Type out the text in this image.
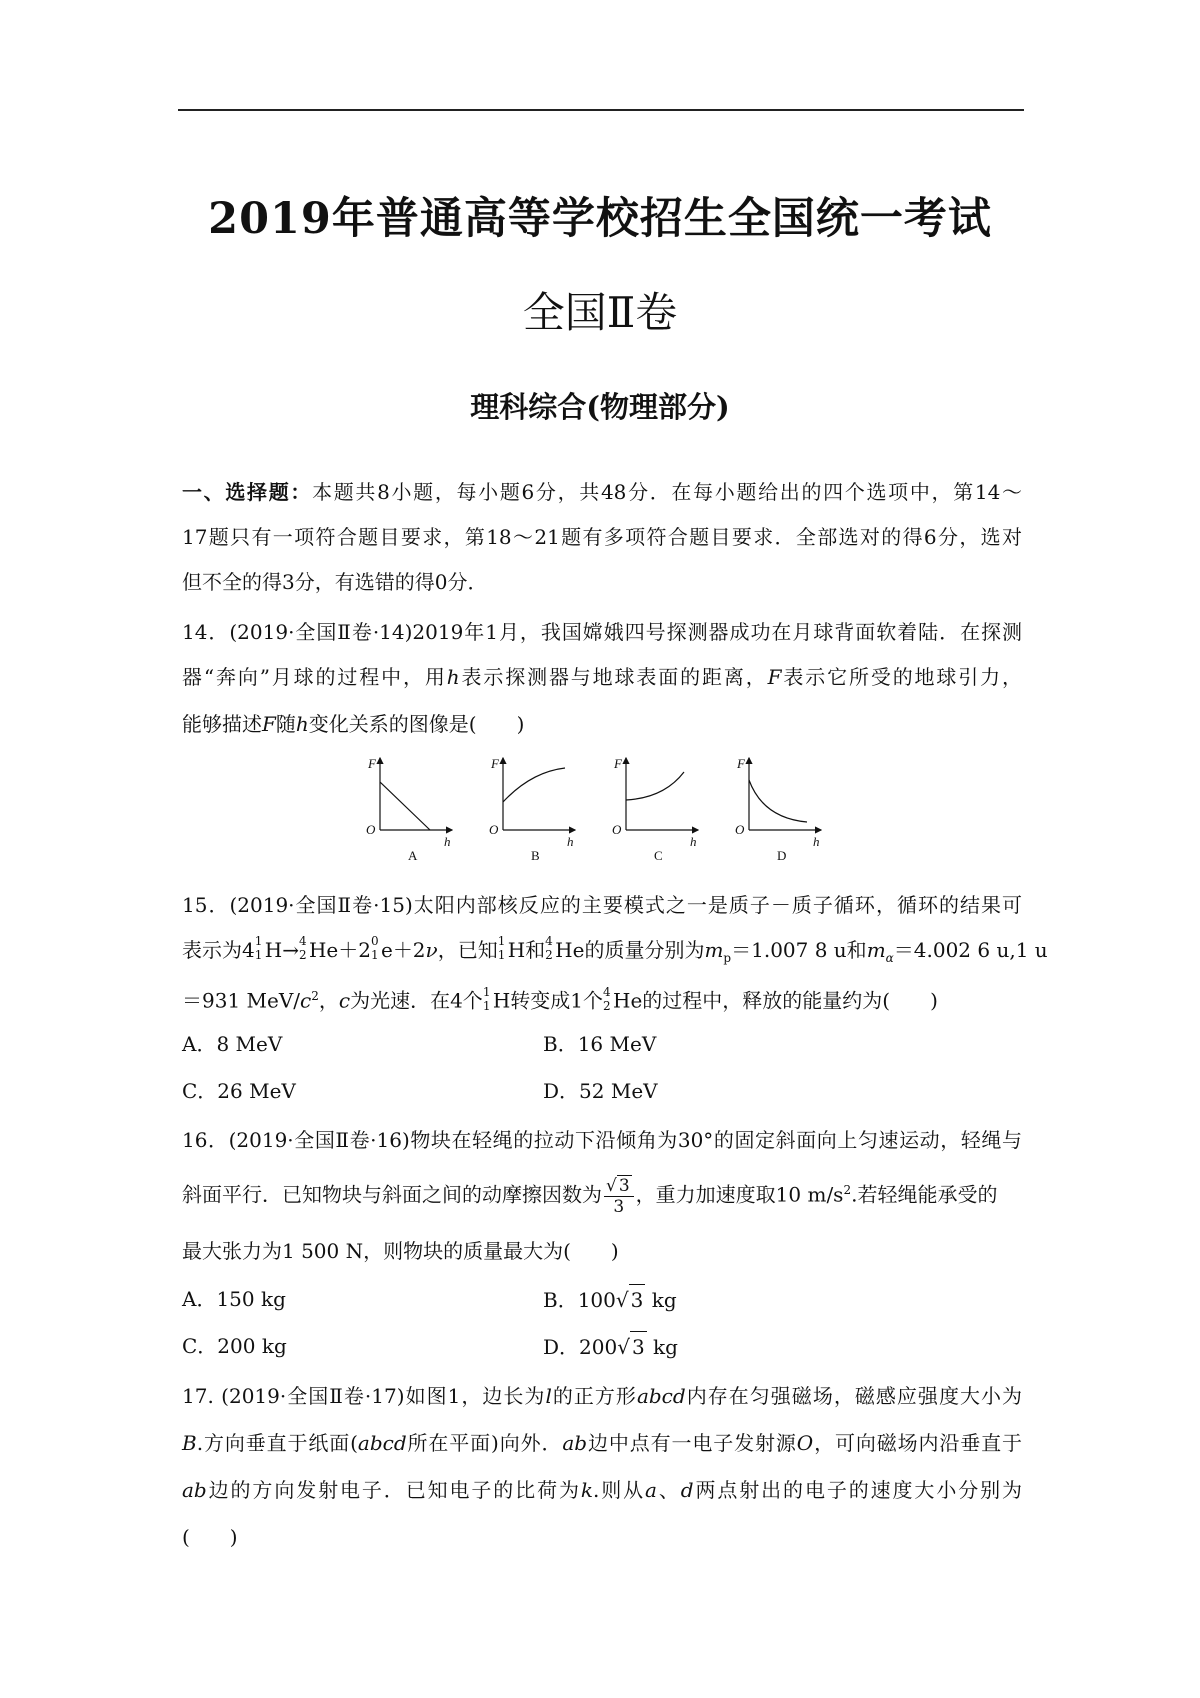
2019年普通高等学校招生全国统一考试
全国Ⅱ卷
理科综合(物理部分)
一、选择题：本题共8小题，每小题6分，共48分．在每小题给出的四个选项中，第14～
17题只有一项符合题目要求，第18～21题有多项符合题目要求．全部选对的得6分，选对
但不全的得3分，有选错的得0分．
14．(2019·全国Ⅱ卷·14)2019年1月，我国嫦娥四号探测器成功在月球背面软着陆．在探测
器“奔向”月球的过程中，用h表示探测器与地球表面的距离，F表示它所受的地球引力，
能够描述F随h变化关系的图像是(　　)
F
O
h
A
F
O
h
B
F
O
h
C
F
O
h
D
15．(2019·全国Ⅱ卷·15)太阳内部核反应的主要模式之一是质子－质子循环，循环的结果可
表示为4 1
1 H→ 4
2 He＋2 0
1 e＋2ν，已知 1
1 H和 4
2 He的质量分别为$m_p=1.007$ 8 u和$m_\alpha=4.002$ 6 u,1 u
＝931 MeV/$c^2$，c为光速．在4个 1
1 H转变成1个 4
2 He的过程中，释放的能量约为(　　)
A．8 MeV	B．16 MeV
C．26 MeV	D．52 MeV
16．(2019·全国Ⅱ卷·16)物块在轻绳的拉动下沿倾角为30°的固定斜面向上匀速运动，轻绳与
斜面平行．已知物块与斜面之间的动摩擦因数为 $\frac{√ 3}{3}$ ，重力加速度取10 $m/s^2$.若轻绳能承受的
最大张力为1 500 N，则物块的质量最大为(　　)
A．150 kg	B．100√ 3 kg
C．200 kg	D．200√ 3 kg
17. (2019·全国Ⅱ卷·17)如图1，边长为l的正方形abcd内存在匀强磁场，磁感应强度大小为
B.方向垂直于纸面(abcd所在平面)向外．ab边中点有一电子发射源O，可向磁场内沿垂直于
ab边的方向发射电子．已知电子的比荷为k.则从a、d两点射出的电子的速度大小分别为
(　　)
